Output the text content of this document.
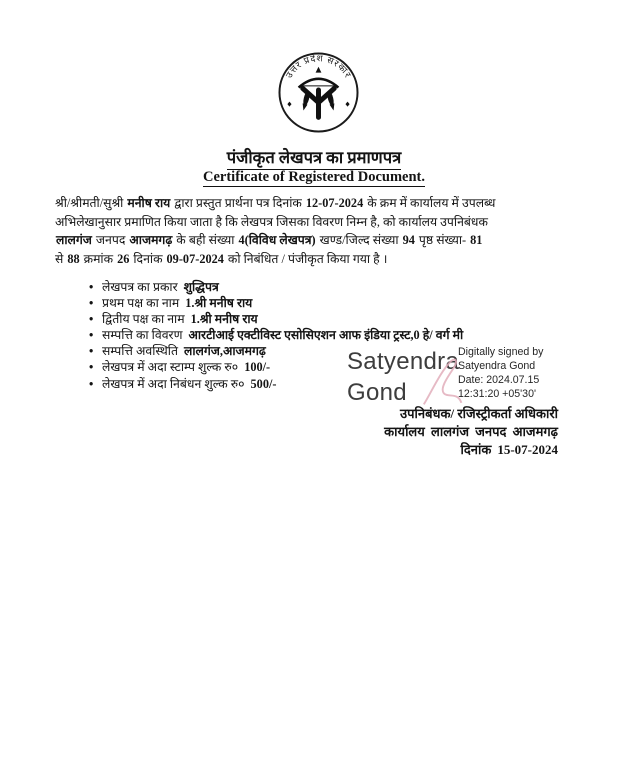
उत्तर प्रदेश सरकार
पंजीकृत लेखपत्र का प्रमाणपत्र
Certificate of Registered Document.
श्री/श्रीमती/सुश्री मनीष राय द्वारा प्रस्तुत प्रार्थना पत्र दिनांक 12-07-2024 के क्रम में कार्यालय में उपलब्ध
अभिलेखानुसार प्रमाणित किया जाता है कि लेखपत्र जिसका विवरण निम्न है, को कार्यालय उपनिबंधक
लालगंज जनपद आजमगढ़ के बही संख्या 4(विविध लेखपत्र) खण्ड/जिल्द संख्या 94 पृष्ठ संख्या- 81
से 88 क्रमांक 26 दिनांक 09-07-2024 को निबंधित / पंजीकृत किया गया है ।
• लेखपत्र का प्रकार शुद्धिपत्र
• प्रथम पक्ष का नाम 1.श्री मनीष राय
• द्वितीय पक्ष का नाम 1.श्री मनीष राय
• सम्पत्ति का विवरण आरटीआई एक्टीविस्ट एसोसिएशन आफ इंडिया ट्रस्ट,0 हे/ वर्ग मी
• सम्पत्ति अवस्थिति लालगंज,आजमगढ़
• लेखपत्र में अदा स्टाम्प शुल्क रु० 100/-
• लेखपत्र में अदा निबंधन शुल्क रु० 500/-
Satyendra
Gond
Digitally signed by
Satyendra Gond
Date: 2024.07.15
12:31:20 +05'30'
उपनिबंधक/ रजिस्ट्रीकर्ता अधिकारी
कार्यालय लालगंज जनपद आजमगढ़
दिनांक 15-07-2024
